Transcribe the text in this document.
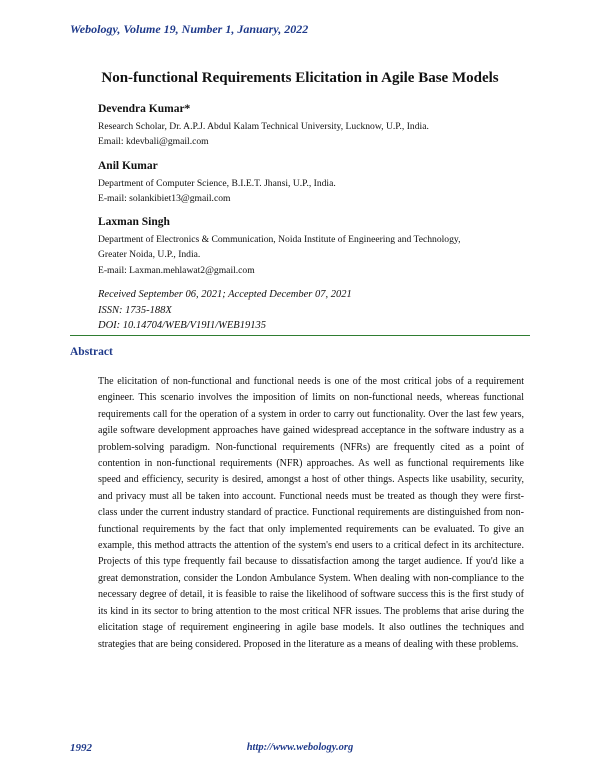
Webology, Volume 19, Number 1, January, 2022
Non-functional Requirements Elicitation in Agile Base Models
Devendra Kumar*
Research Scholar, Dr. A.P.J. Abdul Kalam Technical University, Lucknow, U.P., India.
Email: kdevbali@gmail.com
Anil Kumar
Department of Computer Science, B.I.E.T. Jhansi, U.P., India.
E-mail: solankibiet13@gmail.com
Laxman Singh
Department of Electronics & Communication, Noida Institute of Engineering and Technology,
Greater Noida, U.P., India.
E-mail: Laxman.mehlawat2@gmail.com
Received September 06, 2021; Accepted December 07, 2021
ISSN: 1735-188X
DOI: 10.14704/WEB/V19I1/WEB19135
Abstract
The elicitation of non-functional and functional needs is one of the most critical jobs of a requirement engineer. This scenario involves the imposition of limits on non-functional needs, whereas functional requirements call for the operation of a system in order to carry out functionality. Over the last few years, agile software development approaches have gained widespread acceptance in the software industry as a problem-solving paradigm. Non-functional requirements (NFRs) are frequently cited as a point of contention in non-functional requirements (NFR) approaches. As well as functional requirements like speed and efficiency, security is desired, amongst a host of other things. Aspects like usability, security, and privacy must all be taken into account. Functional needs must be treated as though they were first-class under the current industry standard of practice. Functional requirements are distinguished from non-functional requirements by the fact that only implemented requirements can be evaluated. To give an example, this method attracts the attention of the system's end users to a critical defect in its architecture. Projects of this type frequently fail because to dissatisfaction among the target audience. If you'd like a great demonstration, consider the London Ambulance System. When dealing with non-compliance to the necessary degree of detail, it is feasible to raise the likelihood of software success this is the first study of its kind in its sector to bring attention to the most critical NFR issues. The problems that arise during the elicitation stage of requirement engineering in agile base models. It also outlines the techniques and strategies that are being considered. Proposed in the literature as a means of dealing with these problems.
1992	http://www.webology.org
